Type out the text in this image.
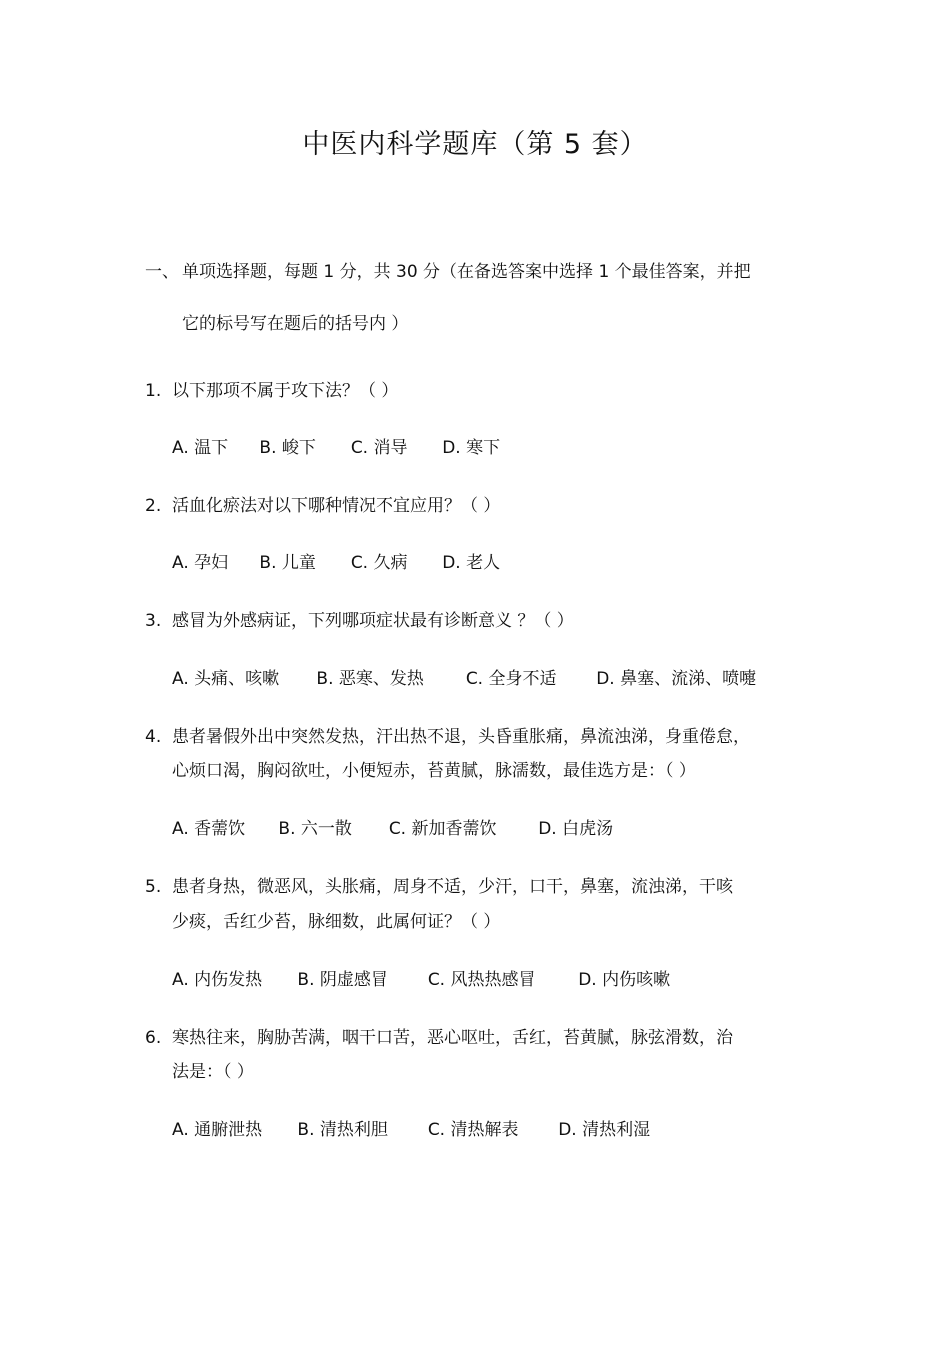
中医内科学题库（第 5 套）
一、 单项选择题，每题 1 分，共 30 分（在备选答案中选择 1 个最佳答案，并把
它的标号写在题后的括号内 ）
1. 以下那项不属于攻下法？（ ）
A. 温下 B. 峻下 C. 消导 D. 寒下
2. 活血化瘀法对以下哪种情况不宜应用？（ ）
A. 孕妇 B. 儿童 C. 久病 D. 老人
3. 感冒为外感病证，下列哪项症状最有诊断意义 ？（ ）
A. 头痛、咳嗽 B. 恶寒、发热 C. 全身不适 D. 鼻塞、流涕、喷嚏
4. 患者暑假外出中突然发热，汗出热不退，头昏重胀痛，鼻流浊涕，身重倦怠，
心烦口渴，胸闷欲吐，小便短赤，苔黄腻，脉濡数，最佳选方是：（ ）
A. 香薷饮 B. 六一散 C. 新加香薷饮 D. 白虎汤
5. 患者身热，微恶风，头胀痛，周身不适，少汗，口干，鼻塞，流浊涕，干咳
少痰，舌红少苔，脉细数，此属何证？（ ）
A. 内伤发热 B. 阴虚感冒 C. 风热热感冒	D. 内伤咳嗽
6. 寒热往来，胸胁苦满，咽干口苦，恶心呕吐，舌红，苔黄腻，脉弦滑数，治
法是：（ ）
A. 通腑泄热 B. 清热利胆 C. 清热解表 D. 清热利湿
